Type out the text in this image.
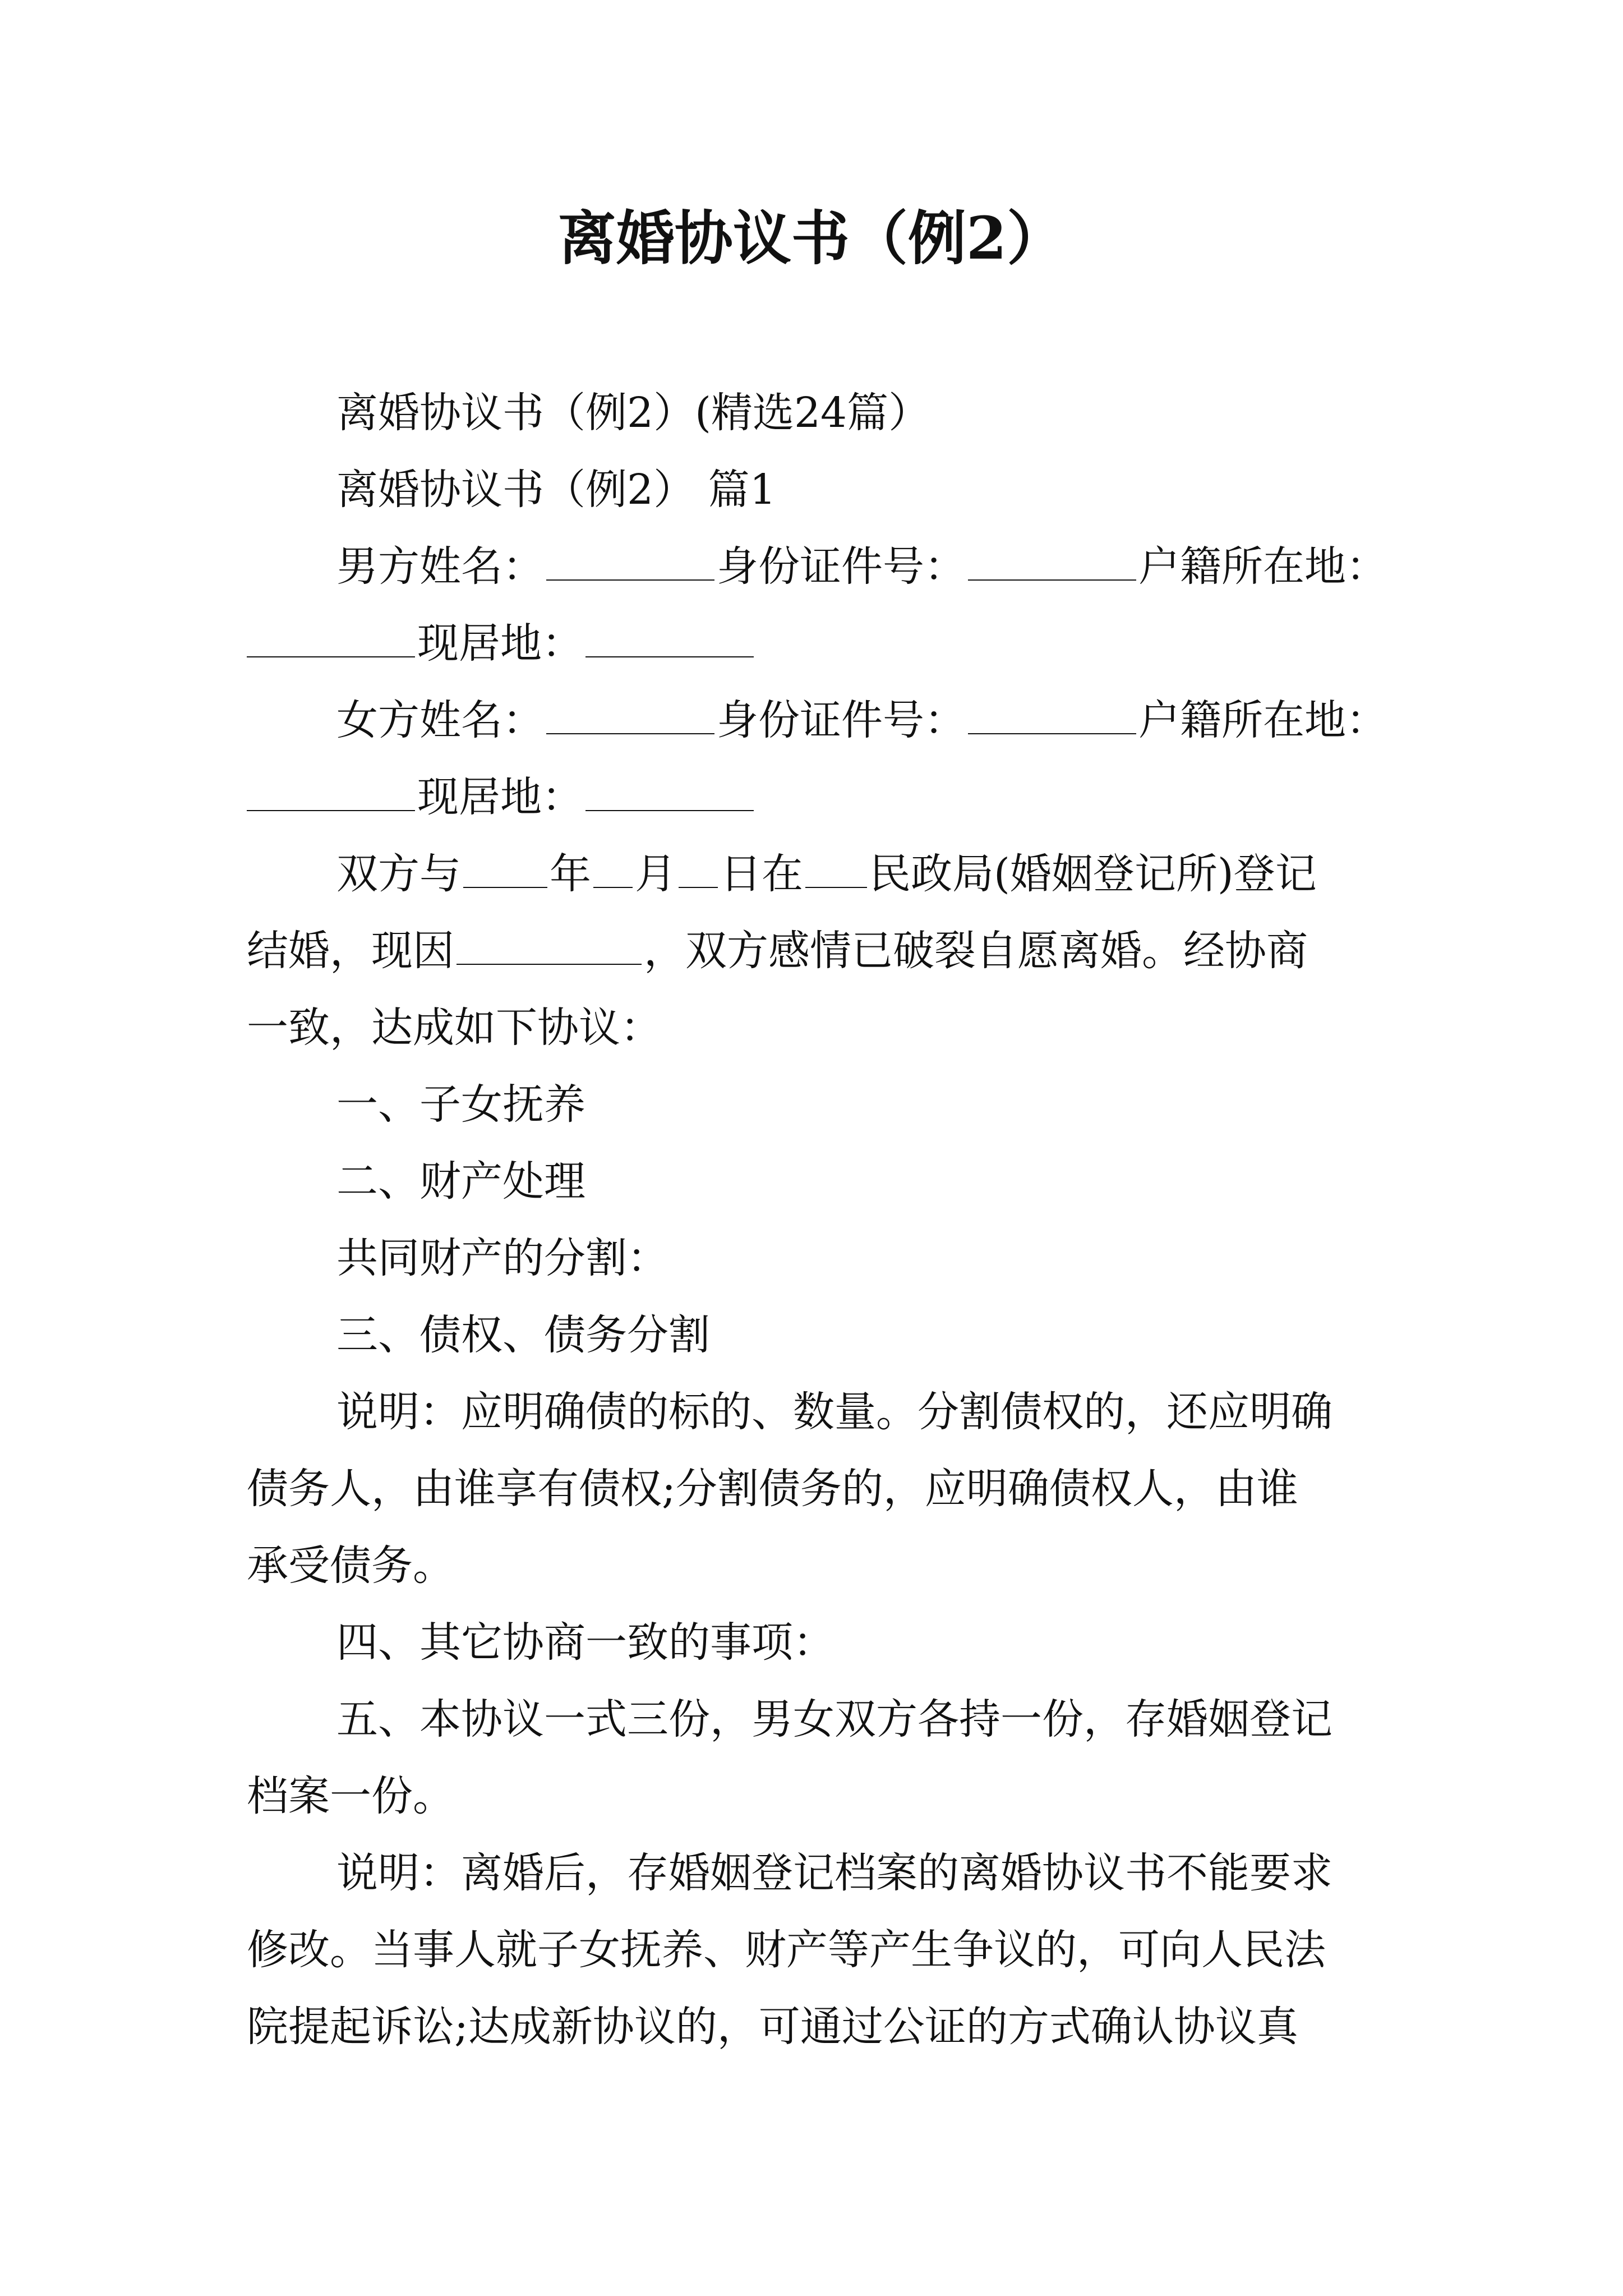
离婚协议书（例2）
离婚协议书（例2）(精选24篇）
离婚协议书（例2） 篇1
男方姓名：	身份证件号：	户籍所在地：
现居地：
女方姓名：	身份证件号：	户籍所在地：
现居地：
双方与 年 月 日在 民政局(婚姻登记所)登记
结婚，现因	，双方感情已破裂自愿离婚。经协商
一致，达成如下协议：
一、子女抚养
二、财产处理
共同财产的分割：
三、债权、债务分割
说明：应明确债的标的、数量。分割债权的，还应明确
债务人，由谁享有债权;分割债务的，应明确债权人，由谁
承受债务。
四、其它协商一致的事项：
五、本协议一式三份，男女双方各持一份，存婚姻登记
档案一份。
说明：离婚后，存婚姻登记档案的离婚协议书不能要求
修改。当事人就子女抚养、财产等产生争议的，可向人民法
院提起诉讼;达成新协议的，可通过公证的方式确认协议真
